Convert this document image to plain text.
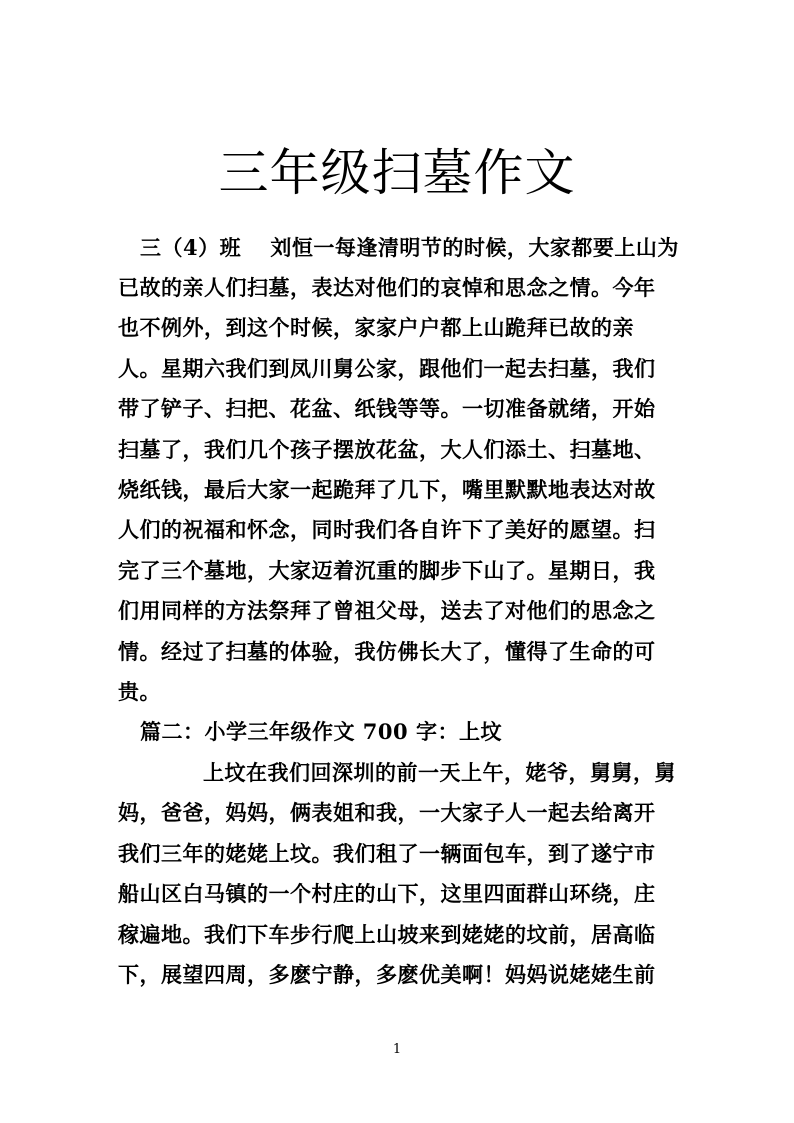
三年级扫墓作文
三（4）班　 刘恒一每逢清明节的时候，大家都要上山为
已故的亲人们扫墓，表达对他们的哀悼和思念之情。今年
也不例外，到这个时候，家家户户都上山跪拜已故的亲
人。星期六我们到凤川舅公家，跟他们一起去扫墓，我们
带了铲子、扫把、花盆、纸钱等等。一切准备就绪，开始
扫墓了，我们几个孩子摆放花盆，大人们添土、扫墓地、
烧纸钱，最后大家一起跪拜了几下，嘴里默默地表达对故
人们的祝福和怀念，同时我们各自许下了美好的愿望。扫
完了三个墓地，大家迈着沉重的脚步下山了。星期日，我
们用同样的方法祭拜了曾祖父母，送去了对他们的思念之
情。经过了扫墓的体验，我仿佛长大了，懂得了生命的可
贵。
篇二：小学三年级作文 700 字：上坟
上坟在我们回深圳的前一天上午，姥爷，舅舅，舅
妈，爸爸，妈妈，俩表姐和我，一大家子人一起去给离开
我们三年的姥姥上坟。我们租了一辆面包车，到了遂宁市
船山区白马镇的一个村庄的山下，这里四面群山环绕，庄
稼遍地。我们下车步行爬上山坡来到姥姥的坟前，居高临
下，展望四周，多麽宁静，多麽优美啊！妈妈说姥姥生前
1
